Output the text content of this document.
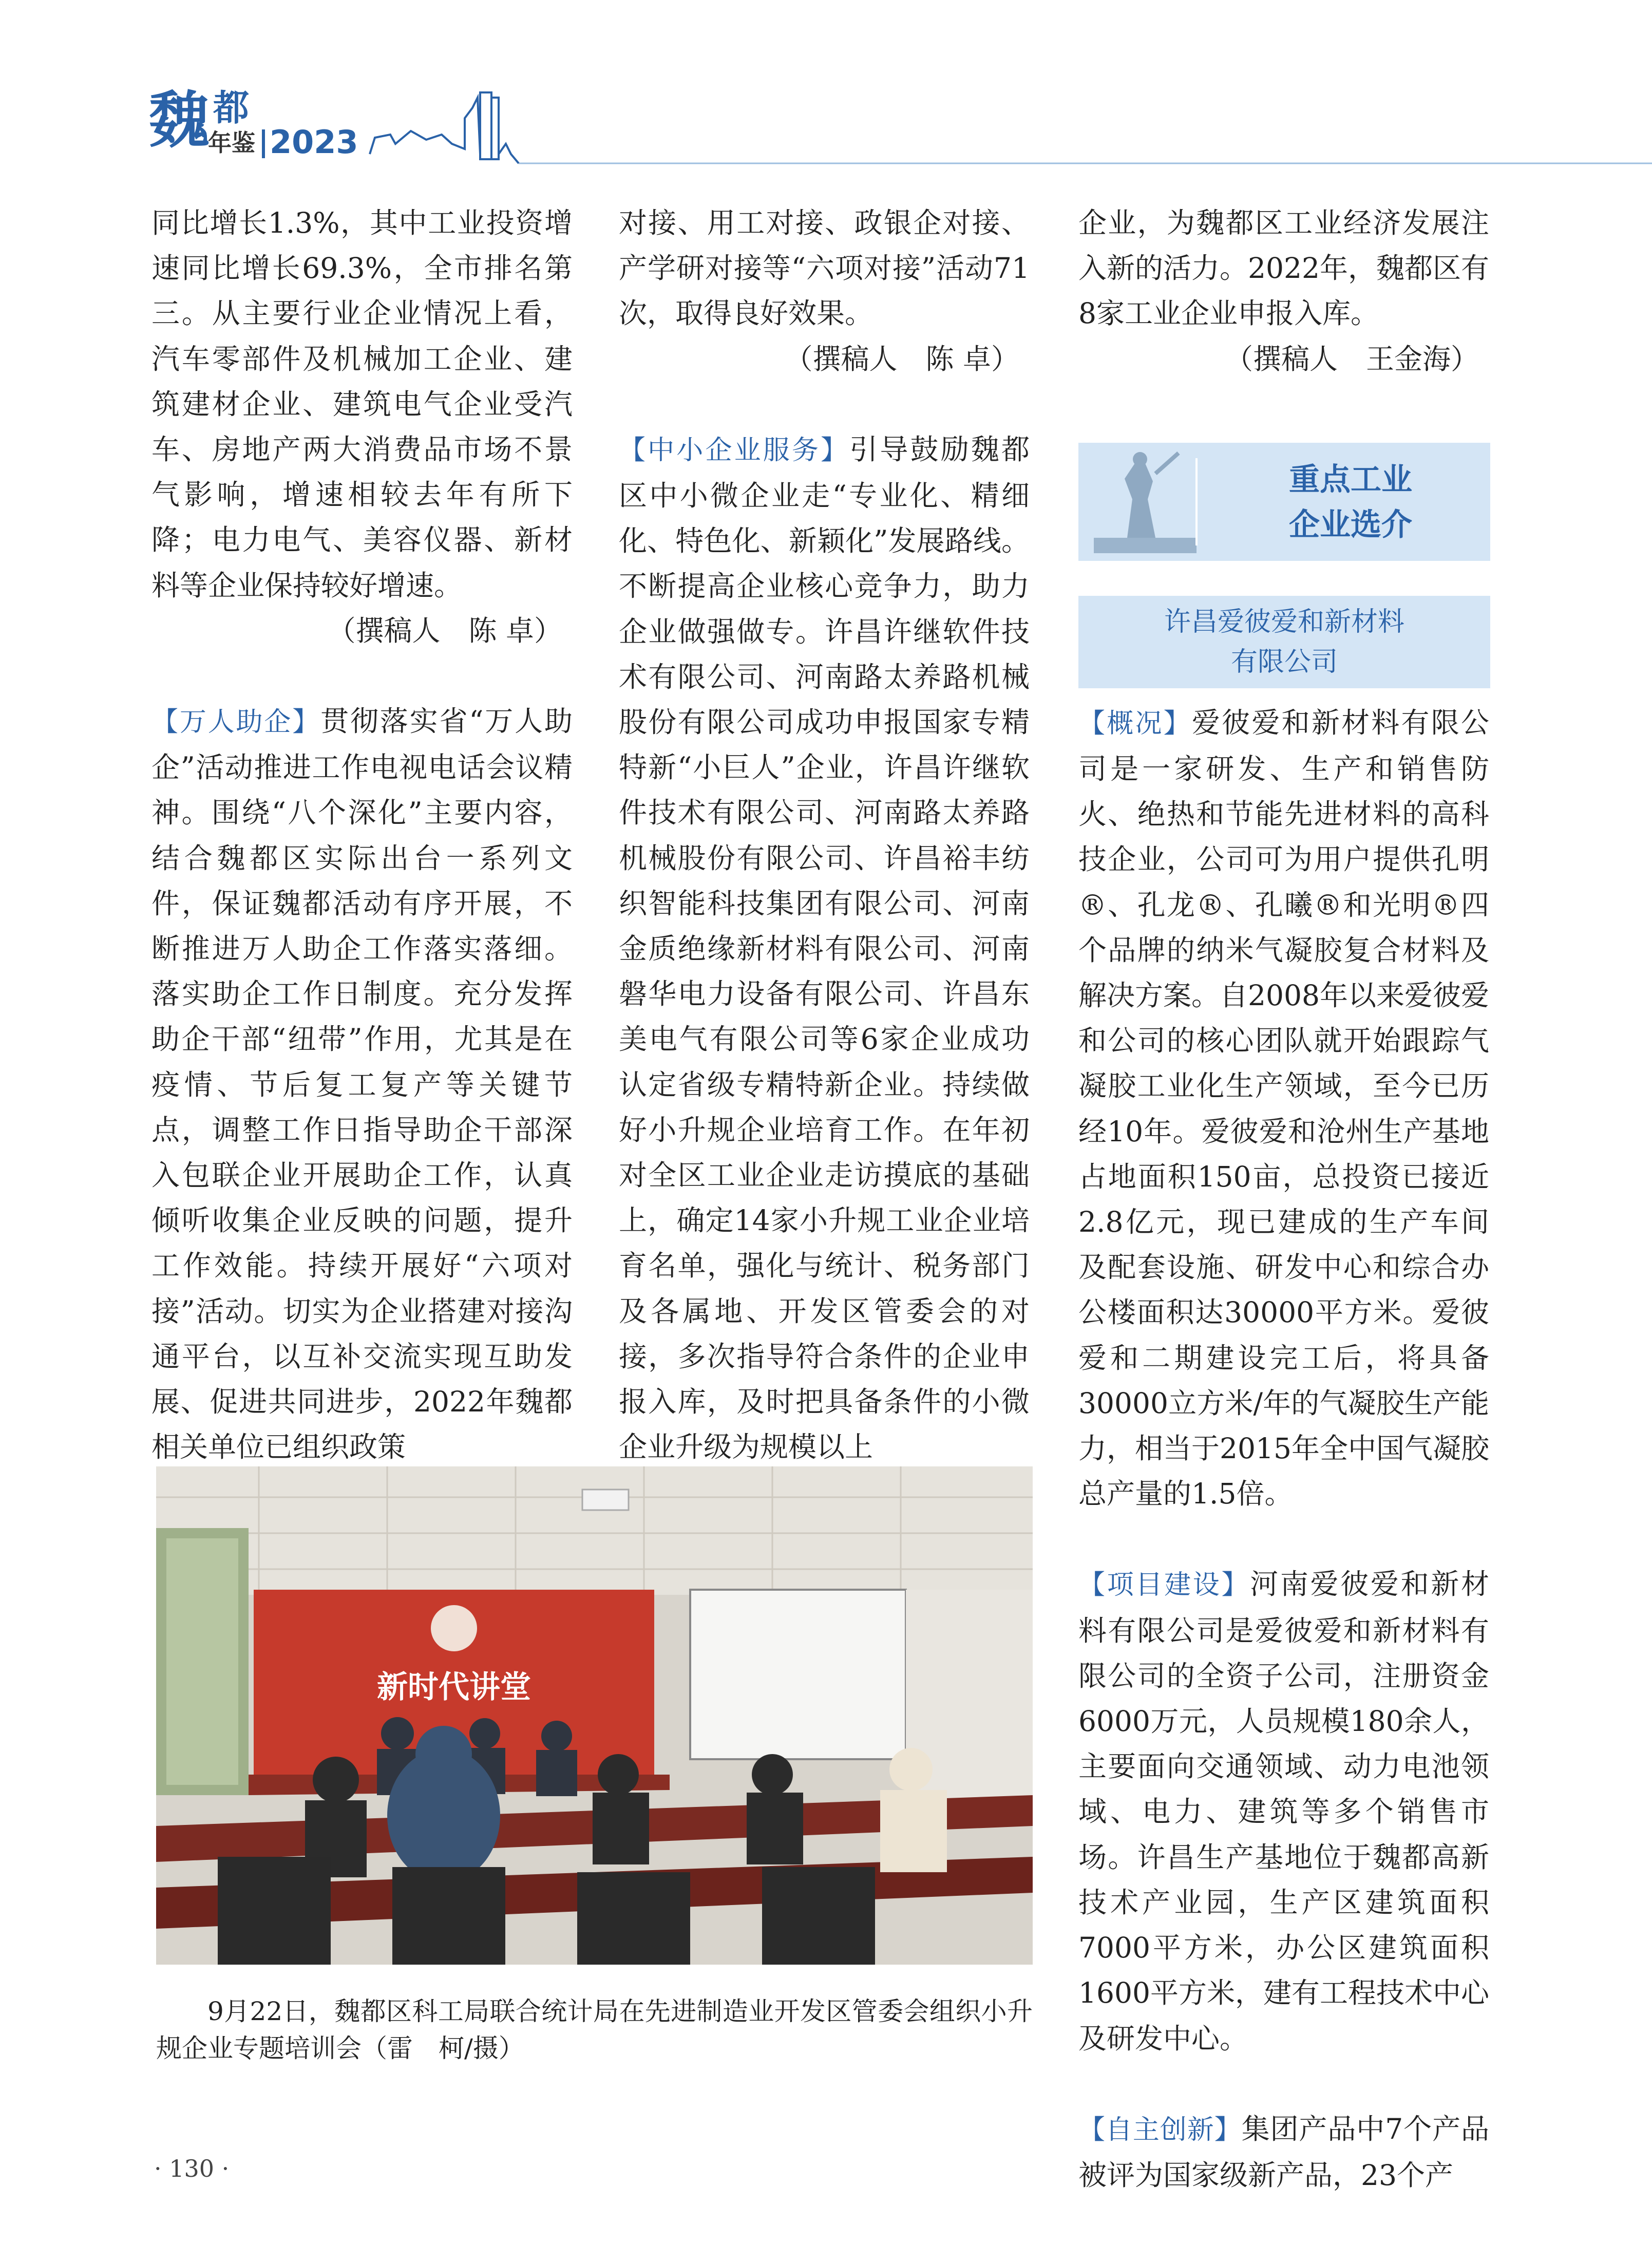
魏 都
年鉴 2023

同比增长1.3%，其中工业投资增速同比增长69.3%，全市排名第三。从主要行业企业情况上看，汽车零部件及机械加工企业、建筑建材企业、建筑电气企业受汽车、房地产两大消费品市场不景气影响，增速相较去年有所下降；电力电气、美容仪器、新材料等企业保持较好增速。

（撰稿人　陈 卓）

【万人助企】贯彻落实省“万人助企”活动推进工作电视电话会议精神。围绕“八个深化”主要内容，结合魏都区实际出台一系列文件，保证魏都活动有序开展，不断推进万人助企工作落实落细。落实助企工作日制度。充分发挥助企干部“纽带”作用，尤其是在疫情、节后复工复产等关键节点，调整工作日指导助企干部深入包联企业开展助企工作，认真倾听收集企业反映的问题，提升工作效能。持续开展好“六项对接”活动。切实为企业搭建对接沟通平台，以互补交流实现互助发展、促进共同进步，2022年魏都相关单位已组织政策

对接、用工对接、政银企对接、产学研对接等“六项对接”活动71次，取得良好效果。

（撰稿人　陈 卓）

【中小企业服务】引导鼓励魏都区中小微企业走“专业化、精细化、特色化、新颖化”发展路线。不断提高企业核心竞争力，助力企业做强做专。许昌许继软件技术有限公司、河南路太养路机械股份有限公司成功申报国家专精特新“小巨人”企业，许昌许继软件技术有限公司、河南路太养路机械股份有限公司、许昌裕丰纺织智能科技集团有限公司、河南金质绝缘新材料有限公司、河南磐华电力设备有限公司、许昌东美电气有限公司等6家企业成功认定省级专精特新企业。持续做好小升规企业培育工作。在年初对全区工业企业走访摸底的基础上，确定14家小升规工业企业培育名单，强化与统计、税务部门及各属地、开发区管委会的对接，多次指导符合条件的企业申报入库，及时把具备条件的小微企业升级为规模以上

企业，为魏都区工业经济发展注入新的活力。2022年，魏都区有8家工业企业申报入库。

（撰稿人　王金海）

【概况】爱彼爱和新材料有限公司是一家研发、生产和销售防火、绝热和节能先进材料的高科技企业，公司可为用户提供孔明®、孔龙®、孔曦®和光明®四个品牌的纳米气凝胶复合材料及解决方案。自2008年以来爱彼爱和公司的核心团队就开始跟踪气凝胶工业化生产领域，至今已历经10年。爱彼爱和沧州生产基地占地面积150亩，总投资已接近2.8亿元，现已建成的生产车间及配套设施、研发中心和综合办公楼面积达30000平方米。爱彼爱和二期建设完工后，将具备30000立方米/年的气凝胶生产能力，相当于2015年全中国气凝胶总产量的1.5倍。

【项目建设】河南爱彼爱和新材料有限公司是爱彼爱和新材料有限公司的全资子公司，注册资金6000万元，人员规模180余人，主要面向交通领域、动力电池领域、电力、建筑等多个销售市场。许昌生产基地位于魏都高新技术产业园，生产区建筑面积7000平方米，办公区建筑面积1600平方米，建有工程技术中心及研发中心。

【自主创新】集团产品中7个产品被评为国家级新产品，23个产

重点工业
企业选介
许昌爱彼爱和新材料
有限公司
新时代讲堂
9月22日，魏都区科工局联合统计局在先进制造业开发区管委会组织小升规企业专题培训会（雷　柯/摄）
· 130 ·
